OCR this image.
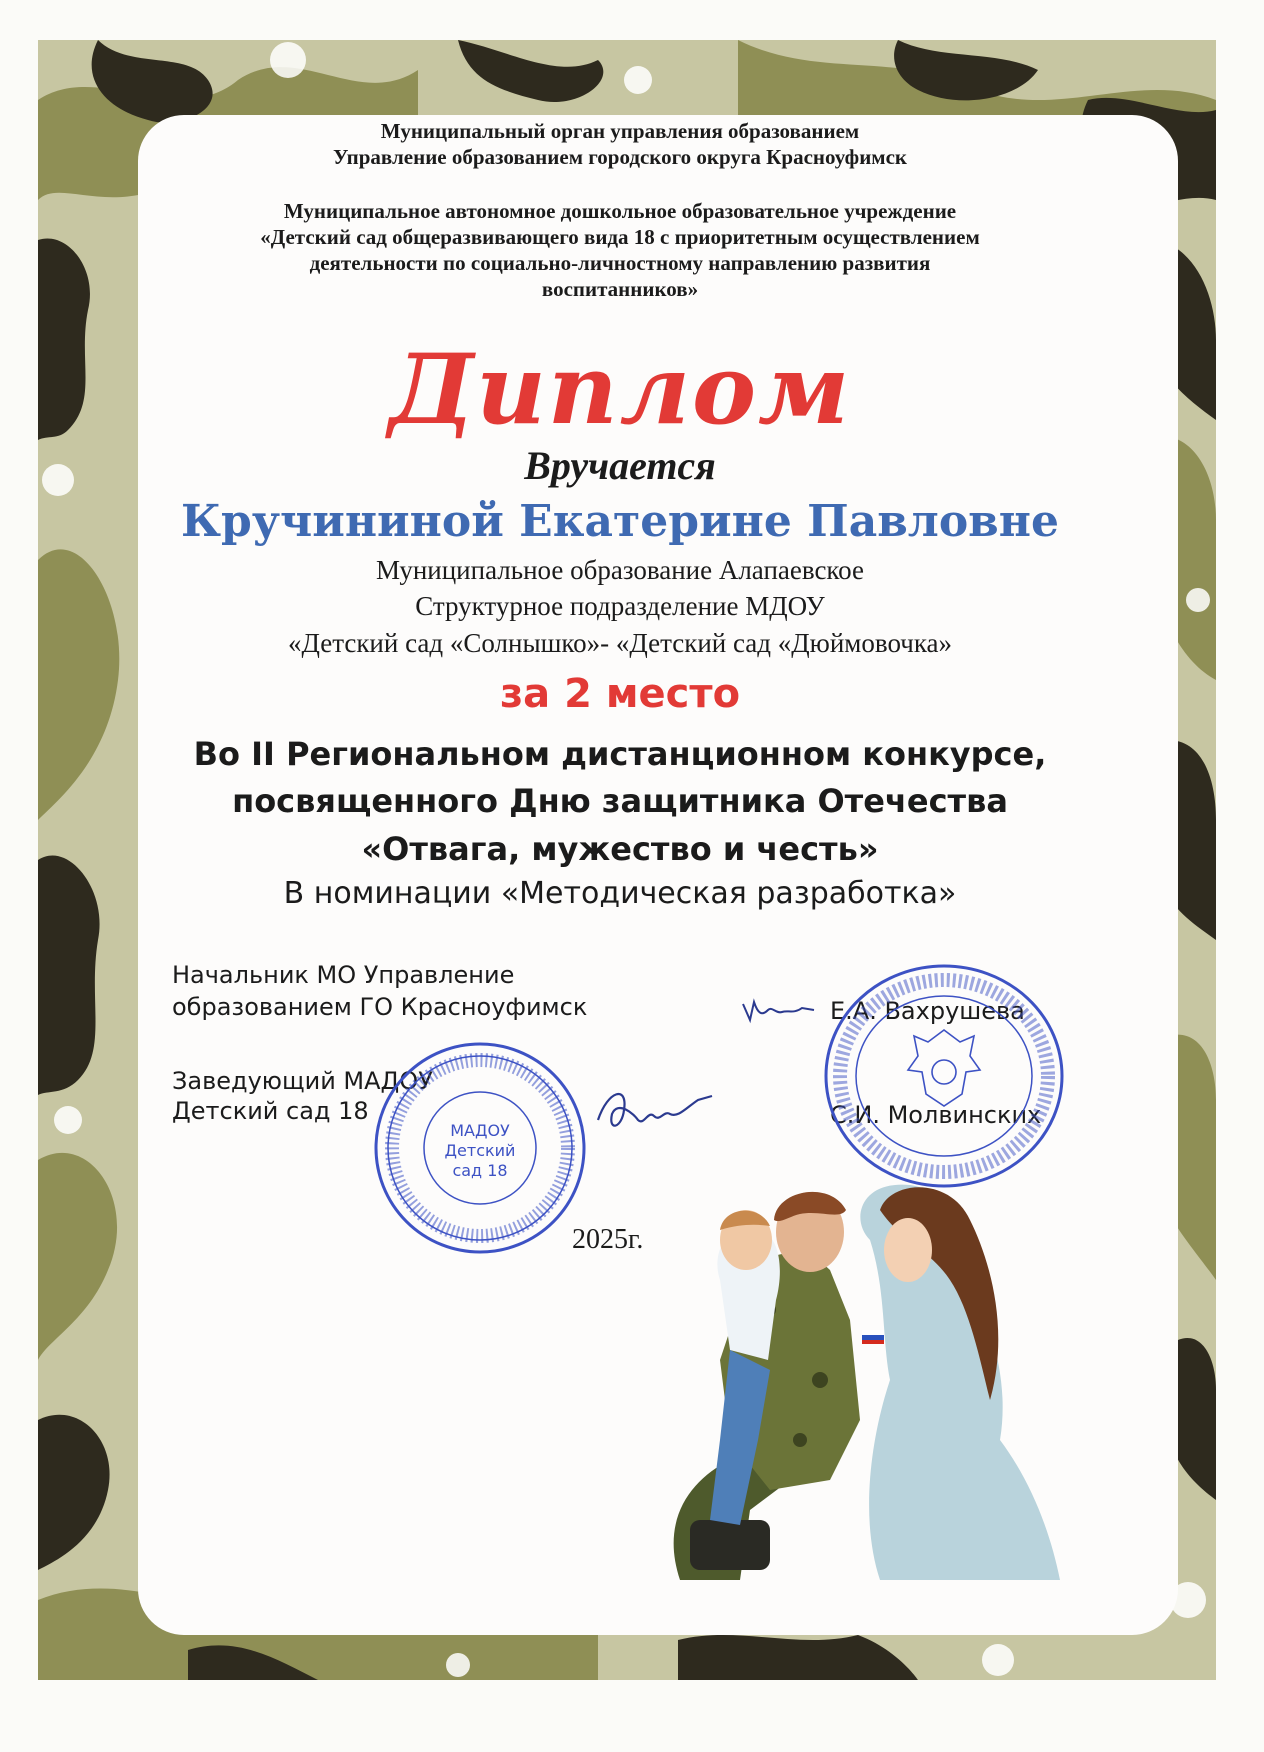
Муниципальный орган управления образованием
Управление образованием городского округа Красноуфимск
Муниципальное автономное дошкольное образовательное учреждение
«Детский сад общеразвивающего вида 18 с приоритетным осуществлением
деятельности по социально-личностному направлению развития
воспитанников»
Диплом
Вручается
Кручининой Екатерине Павловне
Муниципальное образование Алапаевское
Структурное подразделение МДОУ
«Детский сад «Солнышко»- «Детский сад «Дюймовочка»
за 2 место
Во II Региональном дистанционном конкурсе,
посвященного Дню защитника Отечества
«Отвага, мужество и честь»
В номинации «Методическая разработка»
Начальник МО Управление
образованием ГО Красноуфимск	Е.А. Вахрушева
Заведующий МАДОУ
Детский сад 18	С.И. Молвинских
МАДОУ
Детский
сад 18
2025г.
